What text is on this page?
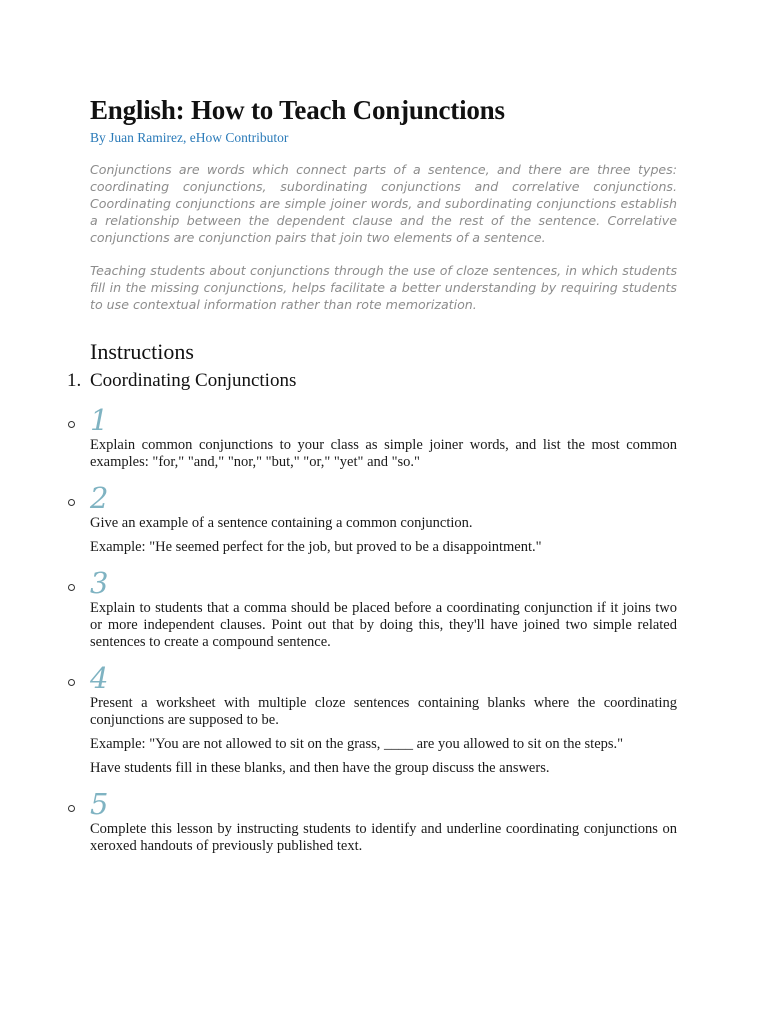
English: How to Teach Conjunctions
By Juan Ramirez, eHow Contributor

Conjunctions are words which connect parts of a sentence, and there are three types: coordinating conjunctions, subordinating conjunctions and correlative conjunctions. Coordinating conjunctions are simple joiner words, and subordinating conjunctions establish a relationship between the dependent clause and the rest of the sentence. Correlative conjunctions are conjunction pairs that join two elements of a sentence.

Teaching students about conjunctions through the use of cloze sentences, in which students fill in the missing conjunctions, helps facilitate a better understanding by requiring students to use contextual information rather than rote memorization.

Instructions
1. Coordinating Conjunctions
1

Explain common conjunctions to your class as simple joiner words, and list the most common examples: "for," "and," "nor," "but," "or," "yet" and "so."

2

Give an example of a sentence containing a common conjunction.

Example: "He seemed perfect for the job, but proved to be a disappointment."

3

Explain to students that a comma should be placed before a coordinating conjunction if it joins two or more independent clauses. Point out that by doing this, they'll have joined two simple related sentences to create a compound sentence.

4

Present a worksheet with multiple cloze sentences containing blanks where the coordinating conjunctions are supposed to be.

Example: "You are not allowed to sit on the grass, ____ are you allowed to sit on the steps."

Have students fill in these blanks, and then have the group discuss the answers.

5

Complete this lesson by instructing students to identify and underline coordinating conjunctions on xeroxed handouts of previously published text.
